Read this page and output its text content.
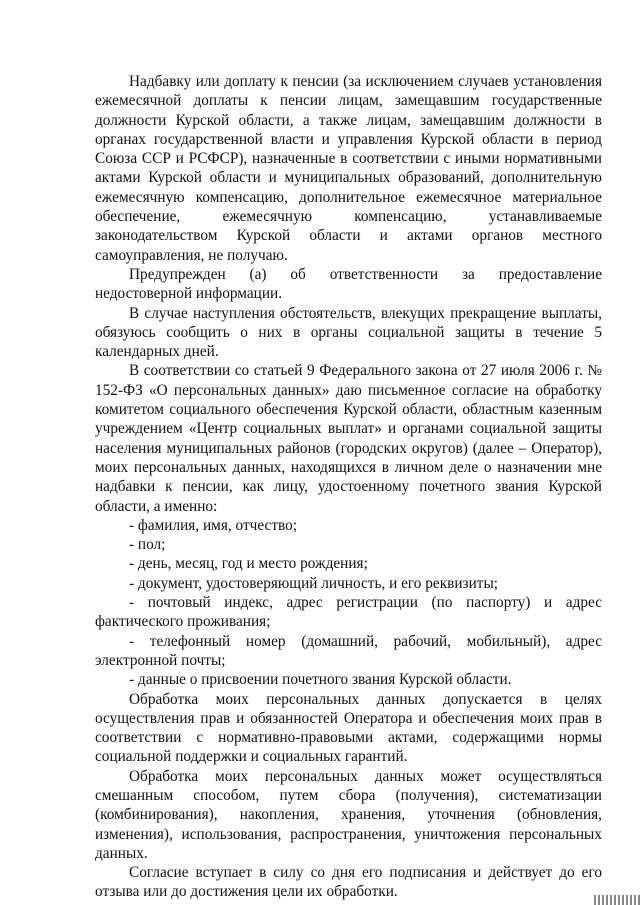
Надбавку или доплату к пенсии (за исключением случаев установления ежемесячной доплаты к пенсии лицам, замещавшим государственные должности Курской области, а также лицам, замещавшим должности в органах государственной власти и управления Курской области в период Союза ССР и РСФСР), назначенные в соответствии с иными нормативными актами Курской области и муниципальных образований, дополнительную ежемесячную компенсацию, дополнительное ежемесячное материальное обеспечение, ежемесячную компенсацию, устанавливаемые законодательством Курской области и актами органов местного самоуправления, не получаю.

Предупрежден (а) об ответственности за предоставление недостоверной информации.

В случае наступления обстоятельств, влекущих прекращение выплаты, обязуюсь сообщить о них в органы социальной защиты в течение 5 календарных дней.

В соответствии со статьей 9 Федерального закона от 27 июля 2006 г. № 152-ФЗ «О персональных данных» даю письменное согласие на обработку комитетом социального обеспечения Курской области, областным казенным учреждением «Центр социальных выплат» и органами социальной защиты населения муниципальных районов (городских округов) (далее – Оператор), моих персональных данных, находящихся в личном деле о назначении мне надбавки к пенсии, как лицу, удостоенному почетного звания Курской области, а именно:

- фамилия, имя, отчество;
- пол;
- день, месяц, год и место рождения;
- документ, удостоверяющий личность, и его реквизиты;
- почтовый индекс, адрес регистрации (по паспорту) и адрес фактического проживания;
- телефонный номер (домашний, рабочий, мобильный), адрес электронной почты;
- данные о присвоении почетного звания Курской области.

Обработка моих персональных данных допускается в целях осуществления прав и обязанностей Оператора и обеспечения моих прав в соответствии с нормативно-правовыми актами, содержащими нормы социальной поддержки и социальных гарантий.

Обработка моих персональных данных может осуществляться смешанным способом, путем сбора (получения), систематизации (комбинирования), накопления, хранения, уточнения (обновления, изменения), использования, распространения, уничтожения персональных данных.

Согласие вступает в силу со дня его подписания и действует до его отзыва или до достижения цели их обработки.
